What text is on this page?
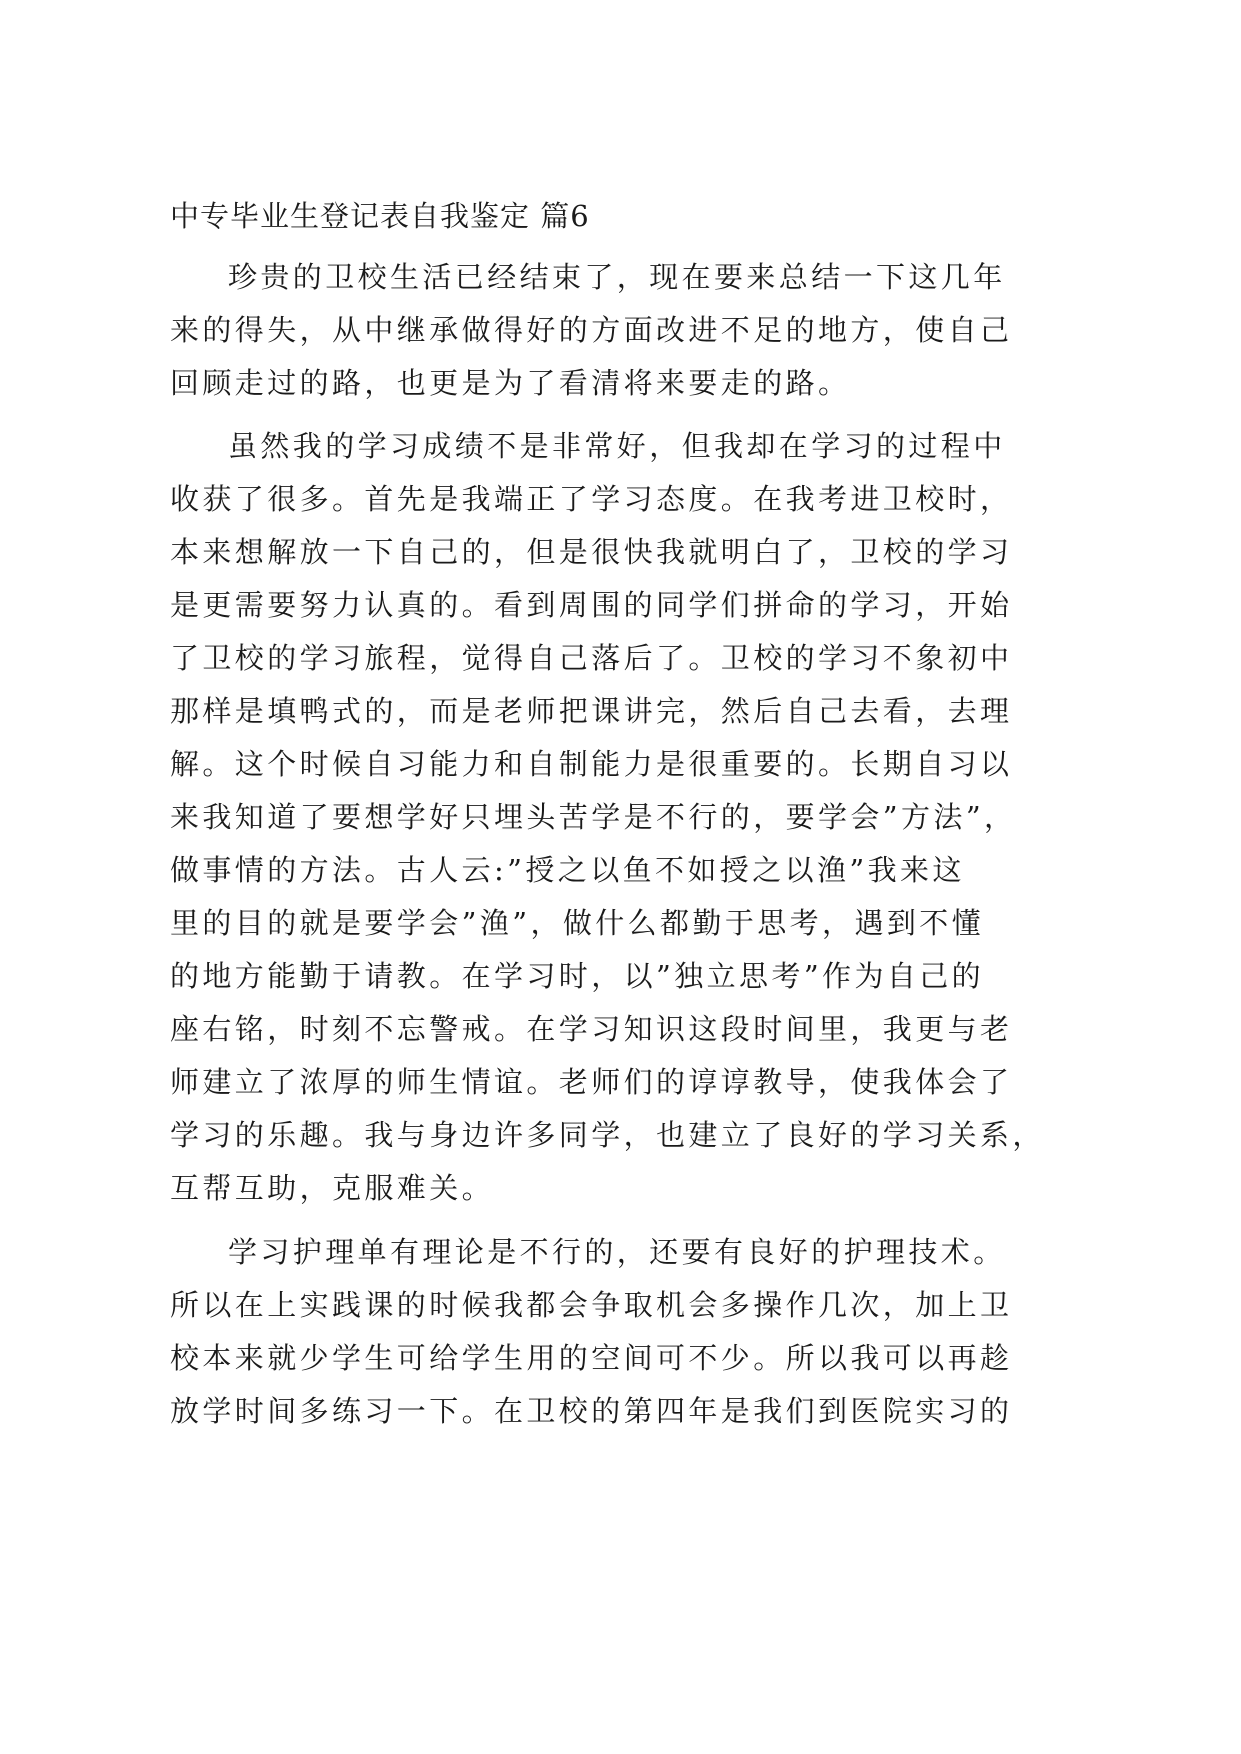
中专毕业生登记表自我鉴定 篇6
珍贵的卫校生活已经结束了，现在要来总结一下这几年
来的得失，从中继承做得好的方面改进不足的地方，使自己
回顾走过的路，也更是为了看清将来要走的路。
虽然我的学习成绩不是非常好，但我却在学习的过程中
收获了很多。首先是我端正了学习态度。在我考进卫校时，
本来想解放一下自己的，但是很快我就明白了，卫校的学习
是更需要努力认真的。看到周围的同学们拼命的学习，开始
了卫校的学习旅程，觉得自己落后了。卫校的学习不象初中
那样是填鸭式的，而是老师把课讲完，然后自己去看，去理
解。这个时候自习能力和自制能力是很重要的。长期自习以
来我知道了要想学好只埋头苦学是不行的，要学会”方法”，
做事情的方法。古人云:”授之以鱼不如授之以渔”我来这
里的目的就是要学会”渔”，做什么都勤于思考，遇到不懂
的地方能勤于请教。在学习时，以”独立思考”作为自己的
座右铭，时刻不忘警戒。在学习知识这段时间里，我更与老
师建立了浓厚的师生情谊。老师们的谆谆教导，使我体会了
学习的乐趣。我与身边许多同学，也建立了良好的学习关系，
互帮互助，克服难关。
学习护理单有理论是不行的，还要有良好的护理技术。
所以在上实践课的时候我都会争取机会多操作几次，加上卫
校本来就少学生可给学生用的空间可不少。所以我可以再趁
放学时间多练习一下。在卫校的第四年是我们到医院实习的
